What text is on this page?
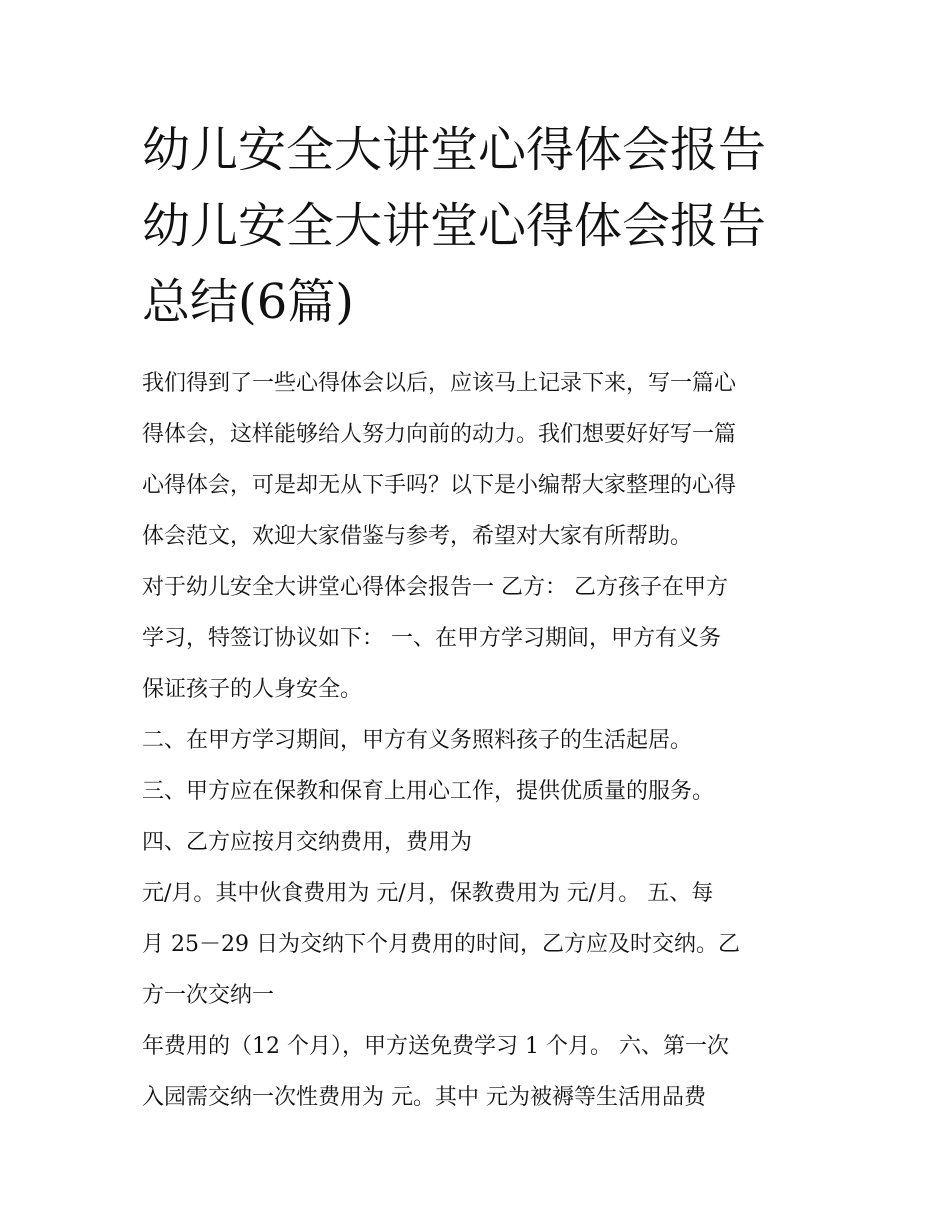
幼儿安全大讲堂心得体会报告
幼儿安全大讲堂心得体会报告
总结(6篇)

我们得到了一些心得体会以后，应该马上记录下来，写一篇心

得体会，这样能够给人努力向前的动力。我们想要好好写一篇

心得体会，可是却无从下手吗？以下是小编帮大家整理的心得

体会范文，欢迎大家借鉴与参考，希望对大家有所帮助。

对于幼儿安全大讲堂心得体会报告一 乙方： 乙方孩子在甲方

学习，特签订协议如下： 一、在甲方学习期间，甲方有义务

保证孩子的人身安全。

二、在甲方学习期间，甲方有义务照料孩子的生活起居。

三、甲方应在保教和保育上用心工作，提供优质量的服务。

四、乙方应按月交纳费用，费用为

元/月。其中伙食费用为 元/月，保教费用为 元/月。 五、每

月 25－29 日为交纳下个月费用的时间，乙方应及时交纳。乙

方一次交纳一

年费用的（12 个月），甲方送免费学习 1 个月。 六、第一次

入园需交纳一次性费用为 元。其中 元为被褥等生活用品费
